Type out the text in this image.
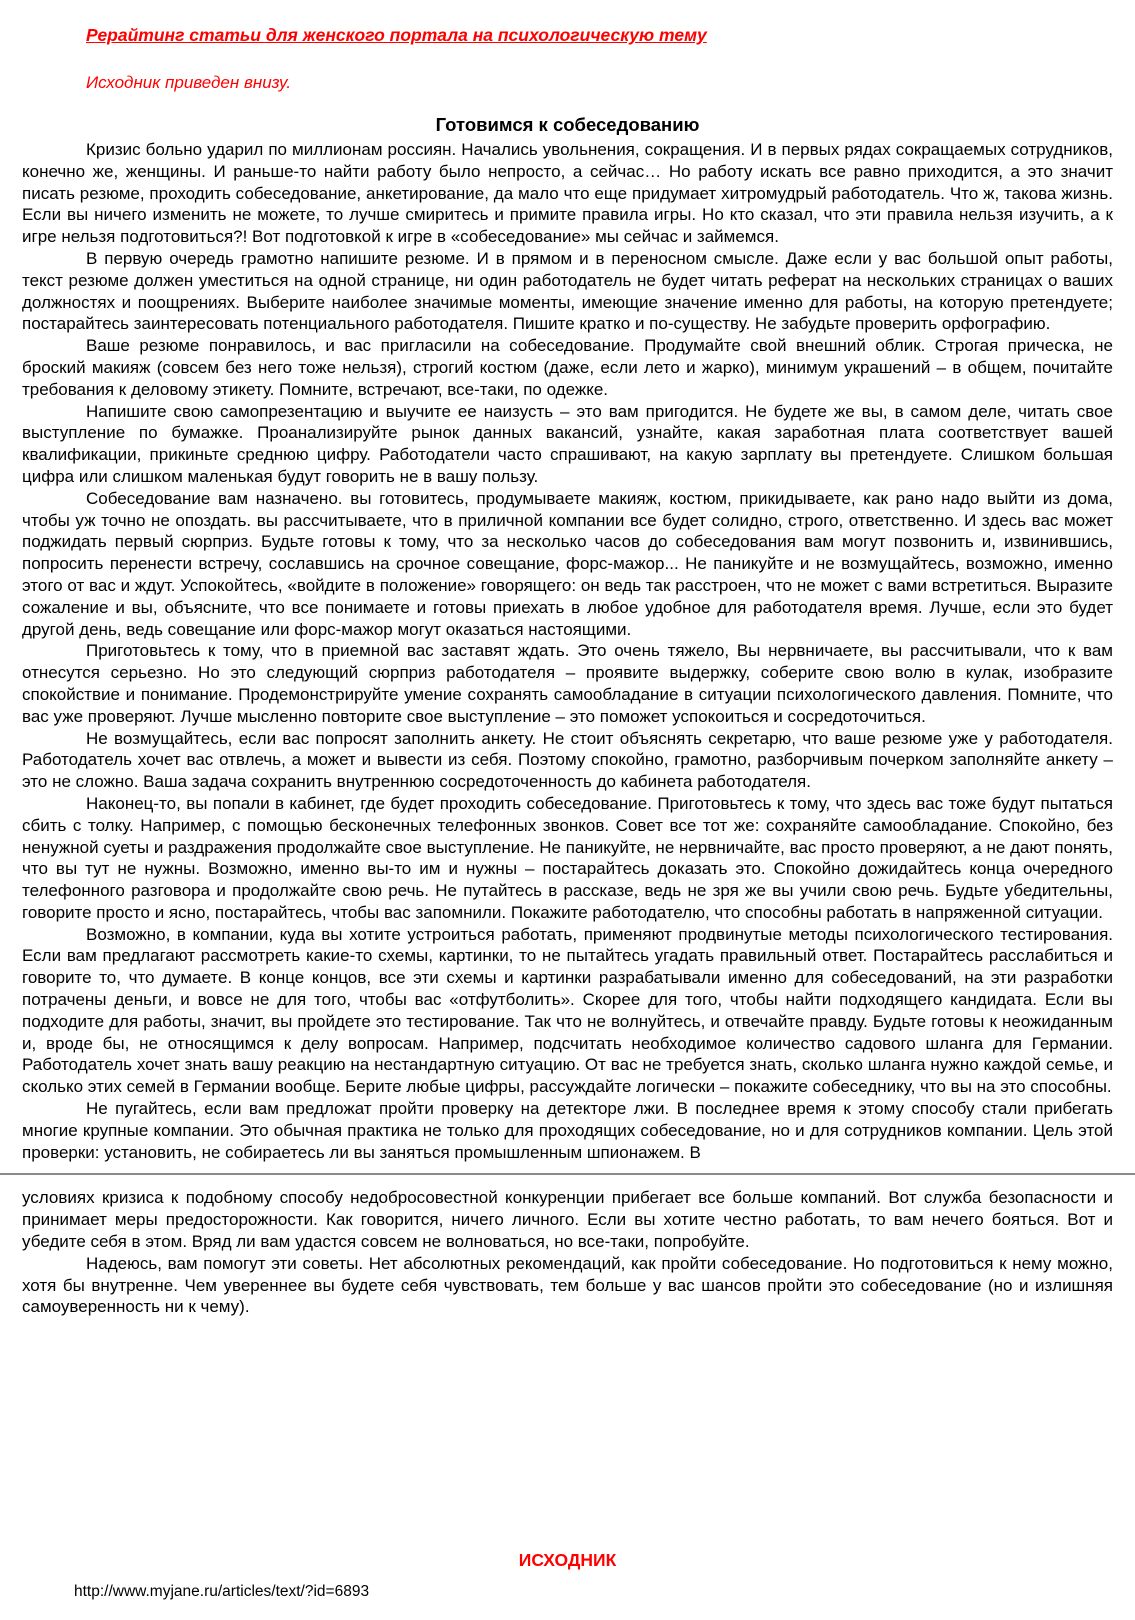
Рерайтинг статьи для женского портала на психологическую тему
Исходник приведен внизу.
Готовимся к собеседованию

Кризис больно ударил по миллионам россиян. Начались увольнения, сокращения. И в первых рядах сокращаемых сотрудников, конечно же, женщины. И раньше-то найти работу было непросто, а сейчас… Но работу искать все равно приходится, а это значит писать резюме, проходить собеседование, анкетирование, да мало что еще придумает хитромудрый работодатель. Что ж, такова жизнь. Если вы ничего изменить не можете, то лучше смиритесь и примите правила игры. Но кто сказал, что эти правила нельзя изучить, а к игре нельзя подготовиться?! Вот подготовкой к игре в «собеседование» мы сейчас и займемся.

В первую очередь грамотно напишите резюме. И в прямом и в переносном смысле. Даже если у вас большой опыт работы, текст резюме должен уместиться на одной странице, ни один работодатель не будет читать реферат на нескольких страницах о ваших должностях и поощрениях. Выберите наиболее значимые моменты, имеющие значение именно для работы, на которую претендуете; постарайтесь заинтересовать потенциального работодателя. Пишите кратко и по-существу. Не забудьте проверить орфографию.

Ваше резюме понравилось, и вас пригласили на собеседование. Продумайте свой внешний облик. Строгая прическа, не броский макияж (совсем без него тоже нельзя), строгий костюм (даже, если лето и жарко), минимум украшений – в общем, почитайте требования к деловому этикету. Помните, встречают, все-таки, по одежке.

Напишите свою самопрезентацию и выучите ее наизусть – это вам пригодится. Не будете же вы, в самом деле, читать свое выступление по бумажке. Проанализируйте рынок данных вакансий, узнайте, какая заработная плата соответствует вашей квалификации, прикиньте среднюю цифру. Работодатели часто спрашивают, на какую зарплату вы претендуете. Слишком большая цифра или слишком маленькая будут говорить не в вашу пользу.

Собеседование вам назначено. вы готовитесь, продумываете макияж, костюм, прикидываете, как рано надо выйти из дома, чтобы уж точно не опоздать. вы рассчитываете, что в приличной компании все будет солидно, строго, ответственно. И здесь вас может поджидать первый сюрприз. Будьте готовы к тому, что за несколько часов до собеседования вам могут позвонить и, извинившись, попросить перенести встречу, сославшись на срочное совещание, форс-мажор... Не паникуйте и не возмущайтесь, возможно, именно этого от вас и ждут. Успокойтесь, «войдите в положение» говорящего: он ведь так расстроен, что не может с вами встретиться. Выразите сожаление и вы, объясните, что все понимаете и готовы приехать в любое удобное для работодателя время. Лучше, если это будет другой день, ведь совещание или форс-мажор могут оказаться настоящими.

Приготовьтесь к тому, что в приемной вас заставят ждать. Это очень тяжело, Вы нервничаете, вы рассчитывали, что к вам отнесутся серьезно. Но это следующий сюрприз работодателя – проявите выдержку, соберите свою волю в кулак, изобразите спокойствие и понимание. Продемонстрируйте умение сохранять самообладание в ситуации психологического давления. Помните, что вас уже проверяют. Лучше мысленно повторите свое выступление – это поможет успокоиться и сосредоточиться.

Не возмущайтесь, если вас попросят заполнить анкету. Не стоит объяснять секретарю, что ваше резюме уже у работодателя. Работодатель хочет вас отвлечь, а может и вывести из себя. Поэтому спокойно, грамотно, разборчивым почерком заполняйте анкету – это не сложно. Ваша задача сохранить внутреннюю сосредоточенность до кабинета работодателя.

Наконец-то, вы попали в кабинет, где будет проходить собеседование. Приготовьтесь к тому, что здесь вас тоже будут пытаться сбить с толку. Например, с помощью бесконечных телефонных звонков. Совет все тот же: сохраняйте самообладание. Спокойно, без ненужной суеты и раздражения продолжайте свое выступление. Не паникуйте, не нервничайте, вас просто проверяют, а не дают понять, что вы тут не нужны. Возможно, именно вы-то им и нужны – постарайтесь доказать это. Спокойно дожидайтесь конца очередного телефонного разговора и продолжайте свою речь. Не путайтесь в рассказе, ведь не зря же вы учили свою речь. Будьте убедительны, говорите просто и ясно, постарайтесь, чтобы вас запомнили. Покажите работодателю, что способны работать в напряженной ситуации.

Возможно, в компании, куда вы хотите устроиться работать, применяют продвинутые методы психологического тестирования. Если вам предлагают рассмотреть какие-то схемы, картинки, то не пытайтесь угадать правильный ответ. Постарайтесь расслабиться и говорите то, что думаете. В конце концов, все эти схемы и картинки разрабатывали именно для собеседований, на эти разработки потрачены деньги, и вовсе не для того, чтобы вас «отфутболить». Скорее для того, чтобы найти подходящего кандидата. Если вы подходите для работы, значит, вы пройдете это тестирование. Так что не волнуйтесь, и отвечайте правду. Будьте готовы к неожиданным и, вроде бы, не относящимся к делу вопросам. Например, подсчитать необходимое количество садового шланга для Германии. Работодатель хочет знать вашу реакцию на нестандартную ситуацию. От вас не требуется знать, сколько шланга нужно каждой семье, и сколько этих семей в Германии вообще. Берите любые цифры, рассуждайте логически – покажите собеседнику, что вы на это способны.

Не пугайтесь, если вам предложат пройти проверку на детекторе лжи. В последнее время к этому способу стали прибегать многие крупные компании. Это обычная практика не только для проходящих собеседование, но и для сотрудников компании. Цель этой проверки: установить, не собираетесь ли вы заняться промышленным шпионажем. В

условиях кризиса к подобному способу недобросовестной конкуренции прибегает все больше компаний. Вот служба безопасности и принимает меры предосторожности. Как говорится, ничего личного. Если вы хотите честно работать, то вам нечего бояться. Вот и убедите себя в этом. Вряд ли вам удастся совсем не волноваться, но все-таки, попробуйте.

Надеюсь, вам помогут эти советы. Нет абсолютных рекомендаций, как пройти собеседование. Но подготовиться к нему можно, хотя бы внутренне. Чем увереннее вы будете себя чувствовать, тем больше у вас шансов пройти это собеседование (но и излишняя самоуверенность ни к чему).

ИСХОДНИК
http://www.myjane.ru/articles/text/?id=6893
